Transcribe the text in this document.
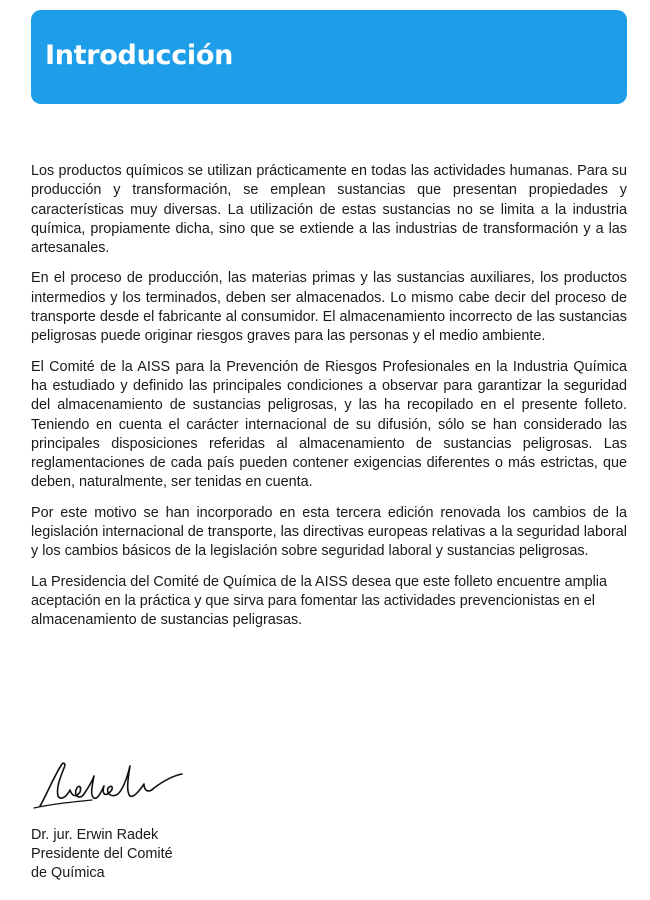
Introducción

Los productos químicos se utilizan prácticamente en todas las actividades humanas. Para su producción y transformación, se emplean sustancias que presentan propiedades y características muy diversas. La utilización de estas sustancias no se limita a la industria química, propiamente dicha, sino que se extiende a las industrias de transformación y a las artesanales.

En el proceso de producción, las materias primas y las sustancias auxiliares, los productos intermedios y los terminados, deben ser almacenados. Lo mismo cabe decir del proceso de transporte desde el fabricante al consumidor. El almacenamiento incorrecto de las sustancias peligrosas puede originar riesgos graves para las personas y el medio ambiente.

El Comité de la AISS para la Prevención de Riesgos Profesionales en la Industria Química ha estudiado y definido las principales condiciones a observar para garantizar la seguridad del almacenamiento de sustancias peligrosas, y las ha recopilado en el presente folleto. Teniendo en cuenta el carácter internacional de su difusión, sólo se han considerado las principales disposiciones referidas al almacenamiento de sustancias peligrosas. Las reglamentaciones de cada país pueden contener exigencias diferentes o más estrictas, que deben, naturalmente, ser tenidas en cuenta.

Por este motivo se han incorporado en esta tercera edición renovada los cambios de la legislación internacional de transporte, las directivas europeas relativas a la seguridad laboral y los cambios básicos de la legislación sobre seguridad laboral y sustancias peligrosas.

La Presidencia del Comité de Química de la AISS desea que este folleto encuentre amplia aceptación en la práctica y que sirva para fomentar las actividades prevencionistas en el almacenamiento de sustancias peligrasas.

Dr. jur. Erwin Radek

Presidente del Comité

de Química
